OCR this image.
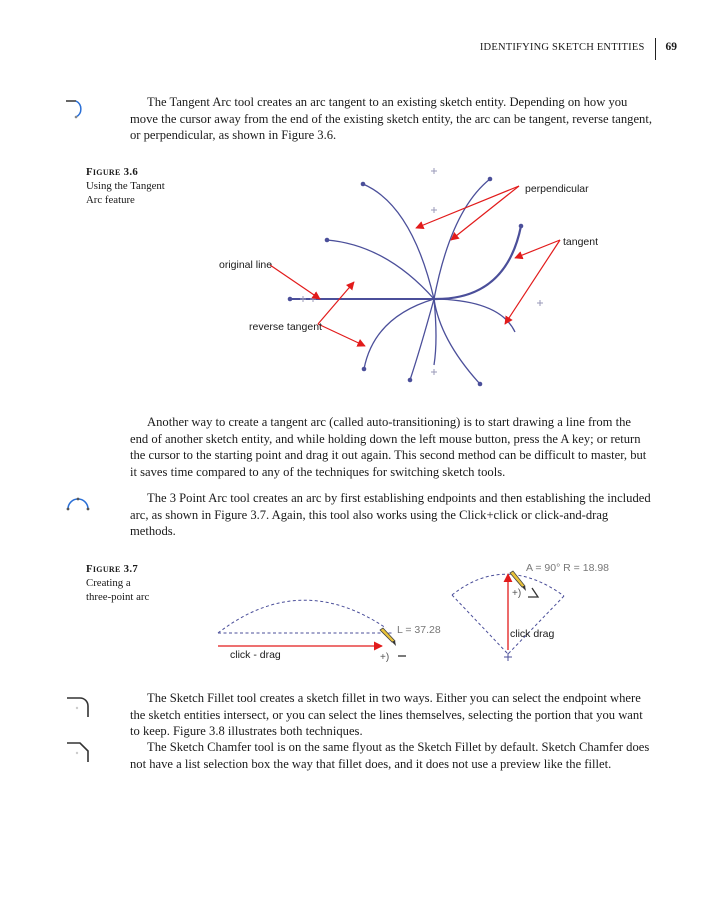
IDENTIFYING SKETCH ENTITIES 69

The Tangent Arc tool creates an arc tangent to an existing sketch entity. Depending on how you move the cursor away from the end of the existing sketch entity, the arc can be tangent, reverse tangent, or perpendicular, as shown in Figure 3.6.

Figure 3.6
Using the Tangent
Arc feature
perpendicular
tangent
original line
reverse tangent

Another way to create a tangent arc (called auto-transitioning) is to start drawing a line from the end of another sketch entity, and while holding down the left mouse button, press the A key; or return the cursor to the starting point and drag it out again. This second method can be difficult to master, but it saves time compared to any of the techniques for switching sketch tools.

The 3 Point Arc tool creates an arc by first establishing endpoints and then establishing the included arc, as shown in Figure 3.7. Again, this tool also works using the Click+click or click-and-drag methods.

Figure 3.7
Creating a
three-point arc
+)
+)
L = 37.28
A = 90° R = 18.98
click - drag
click drag

The Sketch Fillet tool creates a sketch fillet in two ways. Either you can select the endpoint where the sketch entities intersect, or you can select the lines themselves, selecting the portion that you want to keep. Figure 3.8 illustrates both techniques.

The Sketch Chamfer tool is on the same flyout as the Sketch Fillet by default. Sketch Chamfer does not have a list selection box the way that fillet does, and it does not use a preview like the fillet.
